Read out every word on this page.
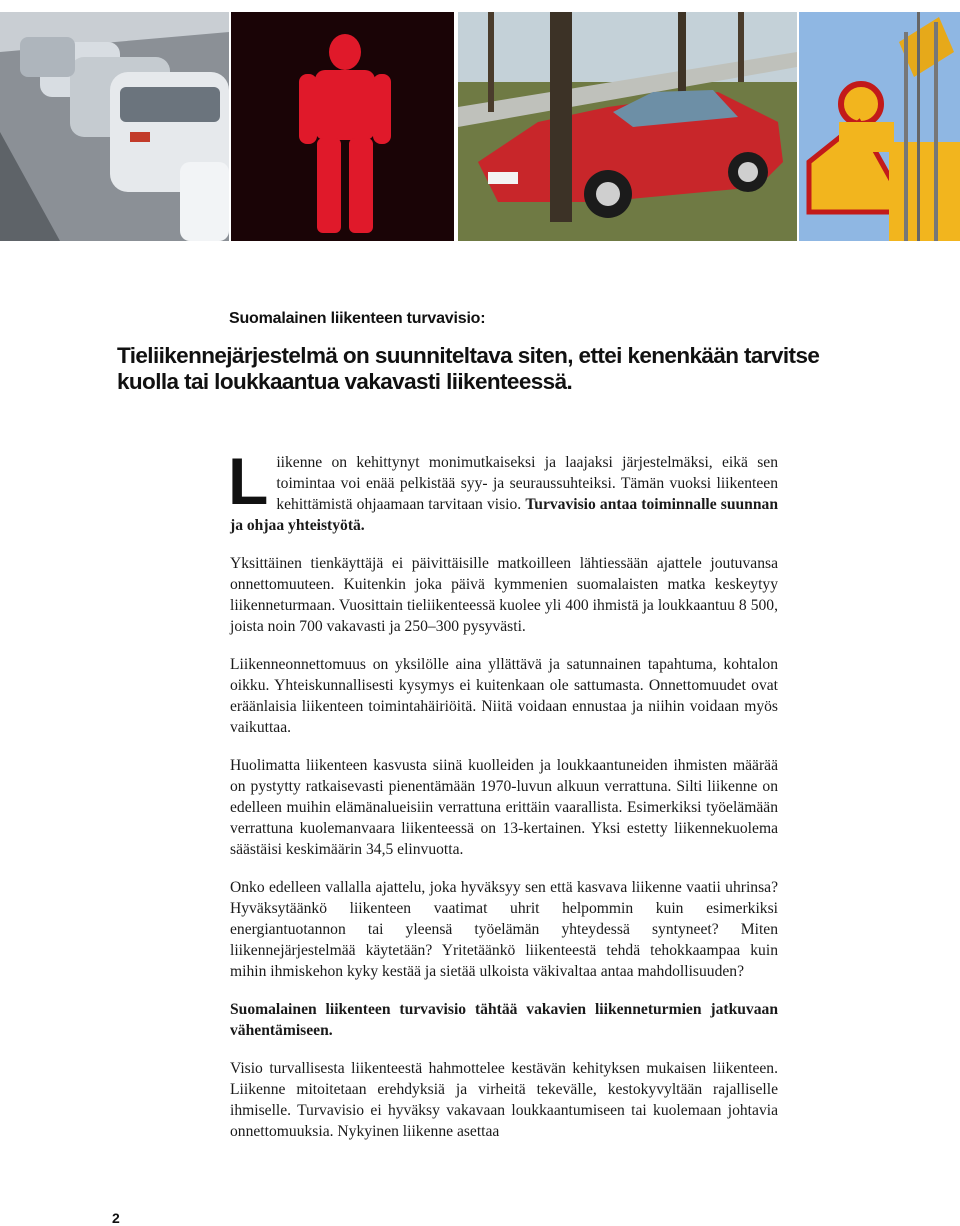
Suomalainen liikenteen turvavisio:
Tieliikennejärjestelmä on suunniteltava siten, ettei kenenkään tarvitse kuolla tai loukkaantua vakavasti liikenteessä.

Liikenne on kehittynyt monimutkaiseksi ja laajaksi järjestelmäksi, eikä sen toimintaa voi enää pelkistää syy- ja seuraussuhteiksi. Tämän vuoksi liikenteen kehittämistä ohjaamaan tarvitaan visio. Turvavisio antaa toiminnalle suunnan ja ohjaa yhteistyötä.

Yksittäinen tienkäyttäjä ei päivittäisille matkoilleen lähtiessään ajattele joutuvansa onnettomuuteen. Kuitenkin joka päivä kymmenien suomalaisten matka keskeytyy liikenneturmaan. Vuosittain tieliikenteessä kuolee yli 400 ihmistä ja loukkaantuu 8 500, joista noin 700 vakavasti ja 250–300 pysyvästi.

Liikenneonnettomuus on yksilölle aina yllättävä ja satunnainen tapahtuma, kohtalon oikku. Yhteiskunnallisesti kysymys ei kuitenkaan ole sattumasta. Onnettomuudet ovat eräänlaisia liikenteen toimintahäiriöitä. Niitä voidaan ennustaa ja niihin voidaan myös vaikuttaa.

Huolimatta liikenteen kasvusta siinä kuolleiden ja loukkaantuneiden ihmisten määrää on pystytty ratkaisevasti pienentämään 1970-luvun alkuun verrattuna. Silti liikenne on edelleen muihin elämänalueisiin verrattuna erittäin vaarallista. Esimerkiksi työelämään verrattuna kuolemanvaara liikenteessä on 13-kertainen. Yksi estetty liikennekuolema säästäisi keskimäärin 34,5 elinvuotta.

Onko edelleen vallalla ajattelu, joka hyväksyy sen että kasvava liikenne vaatii uhrinsa? Hyväksytäänkö liikenteen vaatimat uhrit helpommin kuin esimerkiksi energiantuotannon tai yleensä työelämän yhteydessä syntyneet? Miten liikennejärjestelmää käytetään? Yritetäänkö liikenteestä tehdä tehokkaampaa kuin mihin ihmiskehon kyky kestää ja sietää ulkoista väkivaltaa antaa mahdollisuuden?

Suomalainen liikenteen turvavisio tähtää vakavien liikenneturmien jatkuvaan vähentämiseen.

Visio turvallisesta liikenteestä hahmottelee kestävän kehityksen mukaisen liikenteen. Liikenne mitoitetaan erehdyksiä ja virheitä tekevälle, kestokyvyltään rajalliselle ihmiselle. Turvavisio ei hyväksy vakavaan loukkaantumiseen tai kuolemaan johtavia onnettomuuksia. Nykyinen liikenne asettaa

2
